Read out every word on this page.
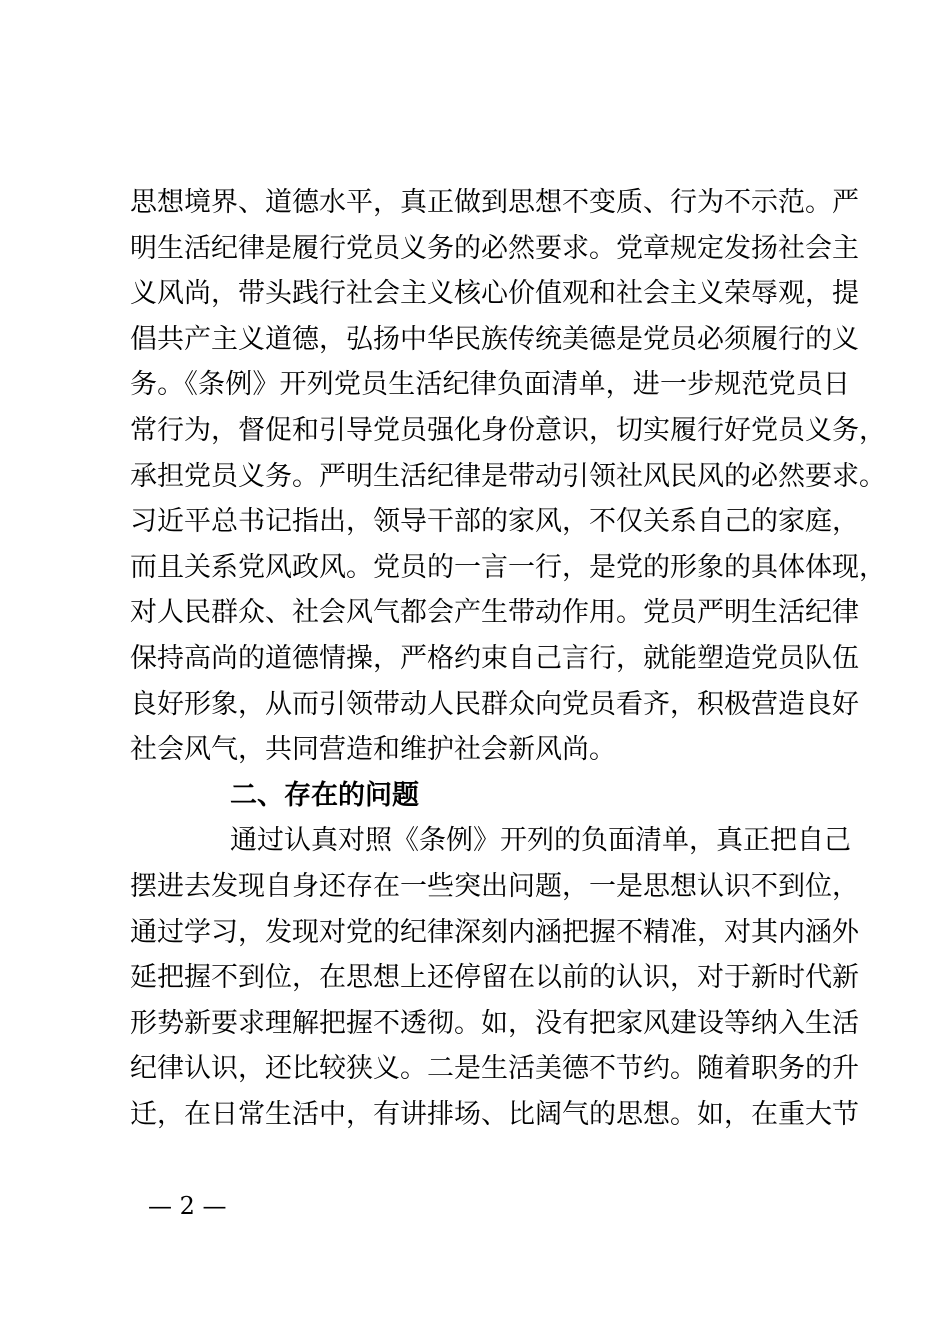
思想境界、道德水平，真正做到思想不变质、行为不示范。严
明生活纪律是履行党员义务的必然要求。党章规定发扬社会主
义风尚，带头践行社会主义核心价值观和社会主义荣辱观，提
倡共产主义道德，弘扬中华民族传统美德是党员必须履行的义
务。《条例》开列党员生活纪律负面清单，进一步规范党员日
常行为，督促和引导党员强化身份意识，切实履行好党员义务，
承担党员义务。严明生活纪律是带动引领社风民风的必然要求。
习近平总书记指出，领导干部的家风，不仅关系自己的家庭，
而且关系党风政风。党员的一言一行，是党的形象的具体体现，
对人民群众、社会风气都会产生带动作用。党员严明生活纪律
保持高尚的道德情操，严格约束自己言行，就能塑造党员队伍
良好形象，从而引领带动人民群众向党员看齐，积极营造良好
社会风气，共同营造和维护社会新风尚。
二、存在的问题
通过认真对照《条例》开列的负面清单，真正把自己
摆进去发现自身还存在一些突出问题，一是思想认识不到位，
通过学习，发现对党的纪律深刻内涵把握不精准，对其内涵外
延把握不到位，在思想上还停留在以前的认识，对于新时代新
形势新要求理解把握不透彻。如，没有把家风建设等纳入生活
纪律认识，还比较狭义。二是生活美德不节约。随着职务的升
迁，在日常生活中，有讲排场、比阔气的思想。如，在重大节
— 2 —
